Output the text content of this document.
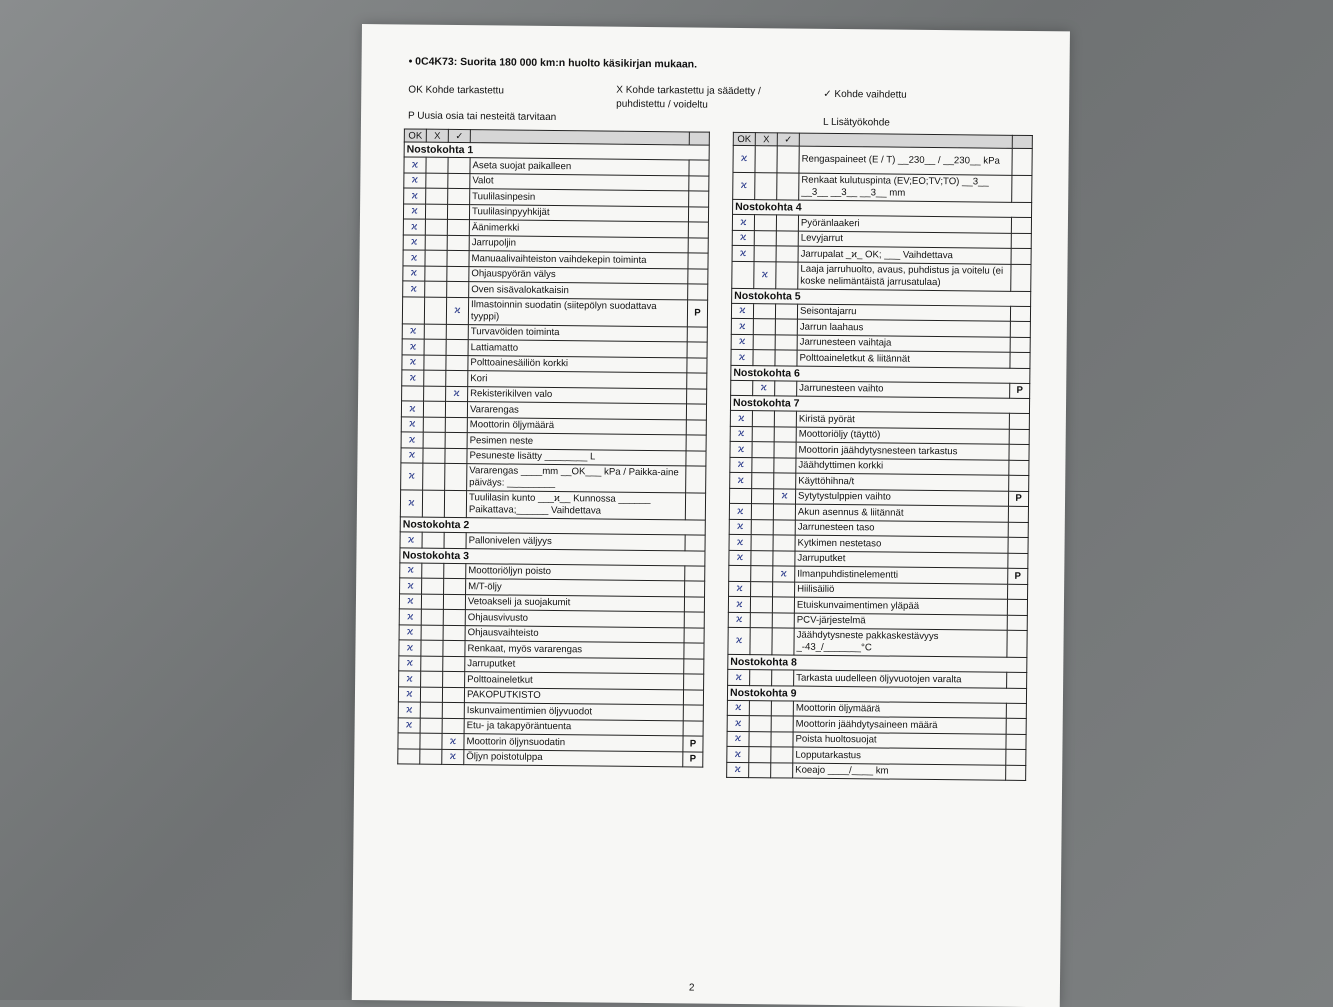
• 0C4K73: Suorita 180 000 km:n huolto käsikirjan mukaan.
OK Kohde tarkastettu	X Kohde tarkastettu ja säädetty / puhdistettu / voideltu
✓ Kohde vaihdettu
P Uusia osia tai nesteitä tarvitaan	L Lisätyökohde
OK	X	✓		
Nostokohta 1				
ϰ			Aseta suojat paikalleen	
ϰ			Valot	
ϰ			Tuulilasinpesin	
ϰ			Tuulilasinpyyhkijät	
ϰ			Äänimerkki	
ϰ			Jarrupoljin	
ϰ			Manuaalivaihteiston vaihdekepin toiminta	
ϰ			Ohjauspyörän välys	
ϰ			Oven sisävalokatkaisin	
		ϰ	Ilmastoinnin suodatin (siitepölyn suodattava tyyppi)	P
ϰ			Turvavöiden toiminta	
ϰ			Lattiamatto	
ϰ			Polttoainesäiliön korkki	
ϰ			Kori	
		ϰ	Rekisterikilven valo	
ϰ			Vararengas	
ϰ			Moottorin öljymäärä	
ϰ			Pesimen neste	
ϰ			Pesuneste lisätty ________ L	
ϰ			Vararengas ____mm __OK___ kPa / Paikka-aine päiväys: _________	
ϰ			Tuulilasin kunto ___ϰ__ Kunnossa ______ Paikattava;______ Vaihdettava	
Nostokohta 2				
ϰ			Pallonivelen väljyys	
Nostokohta 3				
ϰ			Moottoriöljyn poisto	
ϰ			M/T-öljy	
ϰ			Vetoakseli ja suojakumit	
ϰ			Ohjausvivusto	
ϰ			Ohjausvaihteisto	
ϰ			Renkaat, myös vararengas	
ϰ			Jarruputket	
ϰ			Polttoaineletkut	
ϰ			PAKOPUTKISTO	
ϰ			Iskunvaimentimien öljyvuodot	
ϰ			Etu- ja takapyöräntuenta	
		ϰ	Moottorin öljynsuodatin	P
		ϰ	Öljyn poistotulppa	P
OK	X	✓		
ϰ			Rengaspaineet (E / T) __230__ / __230__ kPa	
ϰ			Renkaat kulutuspinta (EV;EO;TV;TO) __3__ __3__ __3__ __3__ mm	
Nostokohta 4				
ϰ			Pyöränlaakeri	
ϰ			Levyjarrut	
ϰ			Jarrupalat _ϰ_ OK; ___ Vaihdettava	
	ϰ		Laaja jarruhuolto, avaus, puhdistus ja voitelu (ei koske nelimäntäistä jarrusatulaa)	
Nostokohta 5				
ϰ			Seisontajarru	
ϰ			Jarrun laahaus	
ϰ			Jarrunesteen vaihtaja	
ϰ			Polttoaineletkut & liitännät	
Nostokohta 6				
	ϰ		Jarrunesteen vaihto	P
Nostokohta 7				
ϰ			Kiristä pyörät	
ϰ			Moottoriöljy (täyttö)	
ϰ			Moottorin jäähdytysnesteen tarkastus	
ϰ			Jäähdyttimen korkki	
ϰ			Käyttöhihna/t	
		ϰ	Sytytystulppien vaihto	P
ϰ			Akun asennus & liitännät	
ϰ			Jarrunesteen taso	
ϰ			Kytkimen nestetaso	
ϰ			Jarruputket	
		ϰ	Ilmanpuhdistinelementti	P
ϰ			Hiilisäiliö	
ϰ			Etuiskunvaimentimen yläpää	
ϰ			PCV-järjestelmä	
ϰ			Jäähdytysneste pakkaskestävyys _-43_/_______°C	
Nostokohta 8				
ϰ			Tarkasta uudelleen öljyvuotojen varalta	
Nostokohta 9				
ϰ			Moottorin öljymäärä	
ϰ			Moottorin jäähdytysaineen määrä	
ϰ			Poista huoltosuojat	
ϰ			Lopputarkastus	
ϰ			Koeajo ____/____ km	
2
